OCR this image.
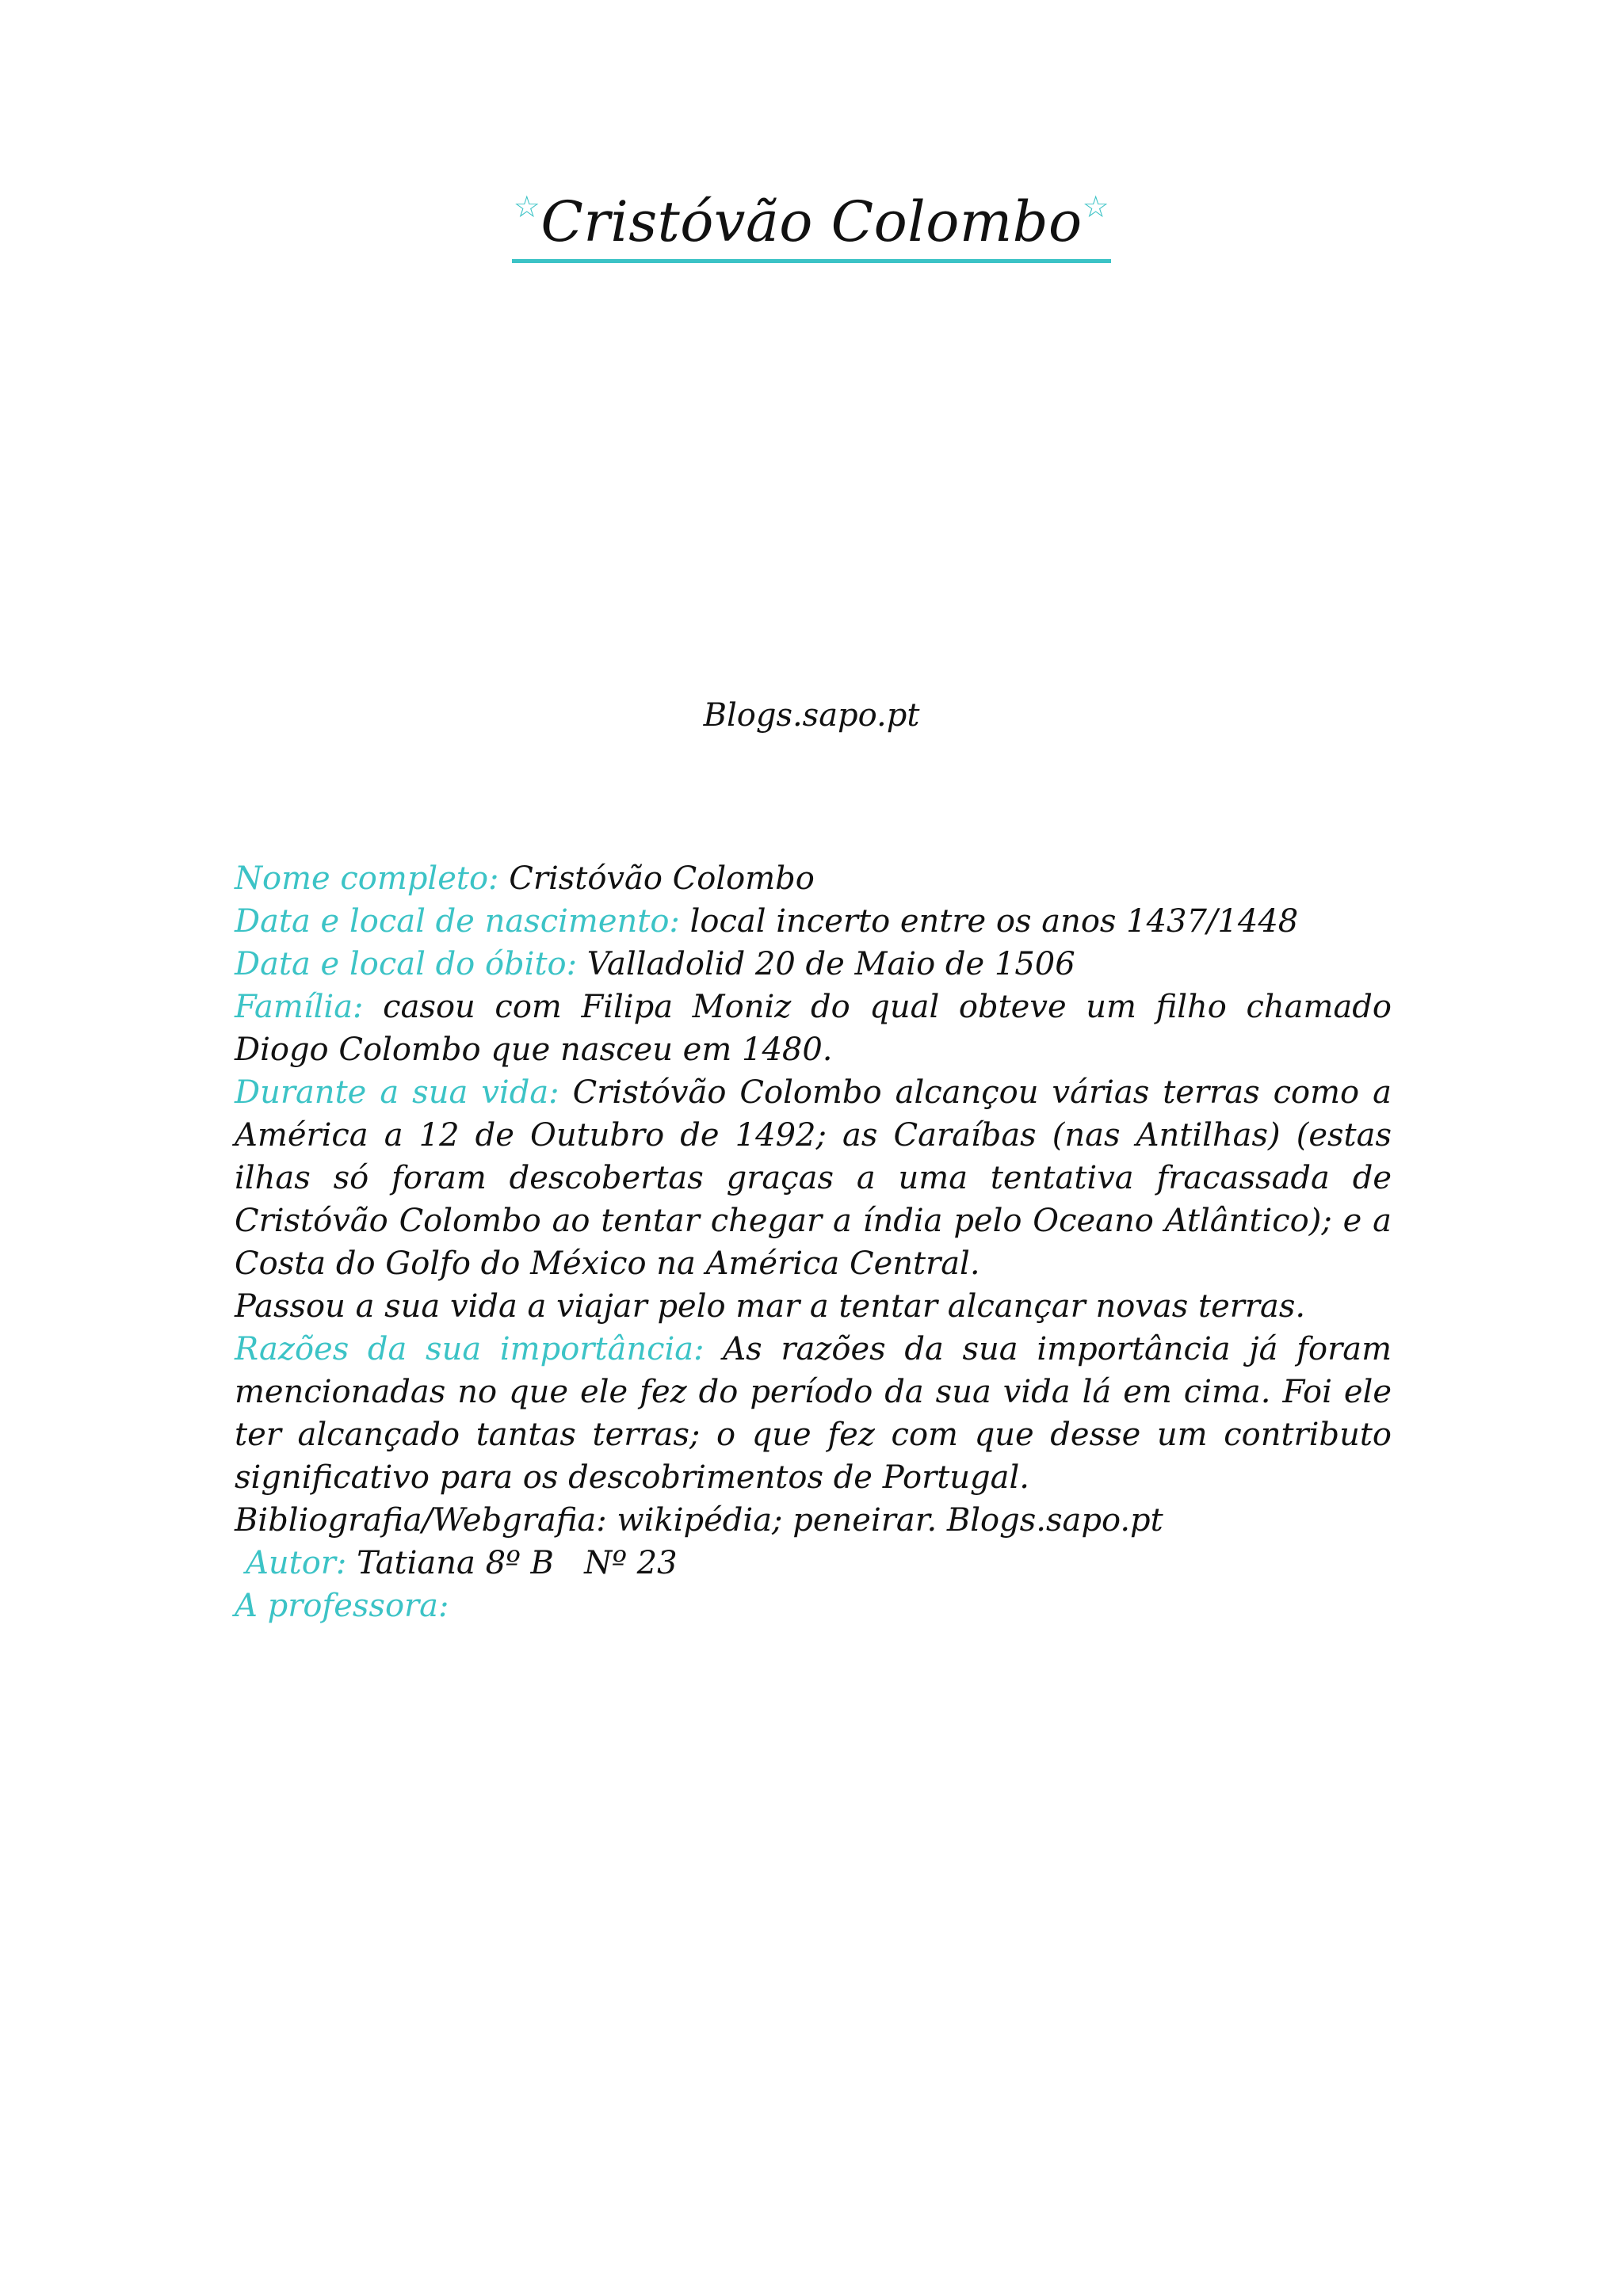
☆Cristóvão Colombo☆
Blogs.sapo.pt

Nome completo: Cristóvão Colombo

Data e local de nascimento: local incerto entre os anos 1437/1448

Data e local do óbito: Valladolid 20 de Maio de 1506

Família: casou com Filipa Moniz do qual obteve um filho chamado Diogo Colombo que nasceu em 1480.

Durante a sua vida: Cristóvão Colombo alcançou várias terras como a América a 12 de Outubro de 1492; as Caraíbas (nas Antilhas) (estas ilhas só foram descobertas graças a uma tentativa fracassada de Cristóvão Colombo ao tentar chegar a índia pelo Oceano Atlântico); e a Costa do Golfo do México na América Central.

Passou a sua vida a viajar pelo mar a tentar alcançar novas terras.

Razões da sua importância: As razões da sua importância já foram mencionadas no que ele fez do período da sua vida lá em cima. Foi ele ter alcançado tantas terras; o que fez com que desse um contributo significativo para os descobrimentos de Portugal.

Bibliografia/Webgrafia: wikipédia; peneirar. Blogs.sapo.pt

Autor: Tatiana 8º B   Nº 23

A professora:
